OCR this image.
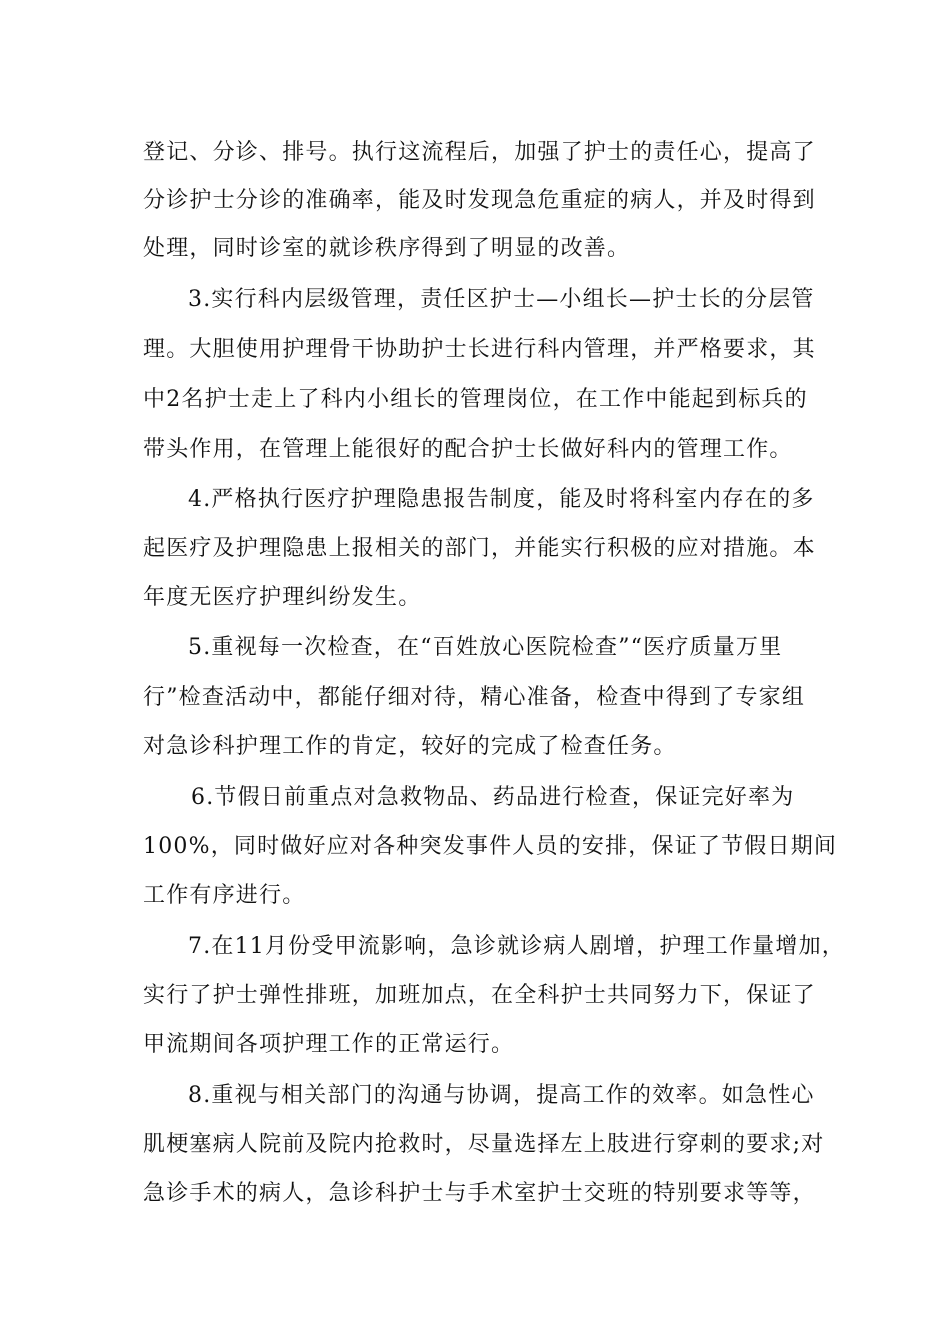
登记、分诊、排号。执行这流程后，加强了护士的责任心，提高了
分诊护士分诊的准确率，能及时发现急危重症的病人，并及时得到
处理，同时诊室的就诊秩序得到了明显的改善。
3.实行科内层级管理，责任区护士—小组长—护士长的分层管
理。大胆使用护理骨干协助护士长进行科内管理，并严格要求，其
中2名护士走上了科内小组长的管理岗位，在工作中能起到标兵的
带头作用，在管理上能很好的配合护士长做好科内的管理工作。
4.严格执行医疗护理隐患报告制度，能及时将科室内存在的多
起医疗及护理隐患上报相关的部门，并能实行积极的应对措施。本
年度无医疗护理纠纷发生。
5.重视每一次检查，在“百姓放心医院检查”“医疗质量万里
行”检查活动中，都能仔细对待，精心准备，检查中得到了专家组
对急诊科护理工作的肯定，较好的完成了检查任务。
6.节假日前重点对急救物品、药品进行检查，保证完好率为
100%，同时做好应对各种突发事件人员的安排，保证了节假日期间
工作有序进行。
7.在11月份受甲流影响，急诊就诊病人剧增，护理工作量增加，
实行了护士弹性排班，加班加点，在全科护士共同努力下，保证了
甲流期间各项护理工作的正常运行。
8.重视与相关部门的沟通与协调，提高工作的效率。如急性心
肌梗塞病人院前及院内抢救时，尽量选择左上肢进行穿刺的要求;对
急诊手术的病人，急诊科护士与手术室护士交班的特别要求等等，
